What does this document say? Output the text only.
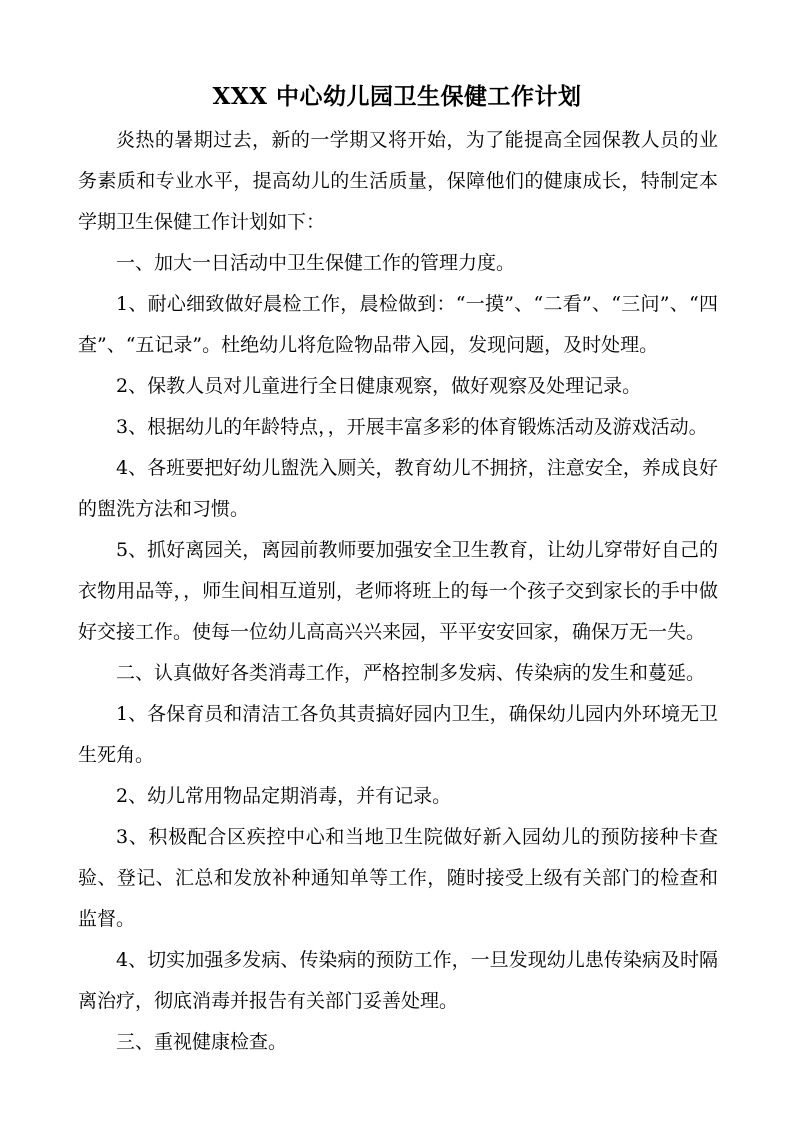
XXX 中心幼儿园卫生保健工作计划

炎热的暑期过去，新的一学期又将开始，为了能提高全园保教人员的业务素质和专业水平，提高幼儿的生活质量，保障他们的健康成长，特制定本学期卫生保健工作计划如下：

一、加大一日活动中卫生保健工作的管理力度。

1、耐心细致做好晨检工作，晨检做到：“一摸”、“二看”、“三问”、“四查”、“五记录”。杜绝幼儿将危险物品带入园，发现问题，及时处理。

2、保教人员对儿童进行全日健康观察，做好观察及处理记录。

3、根据幼儿的年龄特点，，开展丰富多彩的体育锻炼活动及游戏活动。

4、各班要把好幼儿盥洗入厕关，教育幼儿不拥挤，注意安全，养成良好的盥洗方法和习惯。

5、抓好离园关，离园前教师要加强安全卫生教育，让幼儿穿带好自己的衣物用品等，，师生间相互道别，老师将班上的每一个孩子交到家长的手中做好交接工作。使每一位幼儿高高兴兴来园，平平安安回家，确保万无一失。

二、认真做好各类消毒工作，严格控制多发病、传染病的发生和蔓延。

1、各保育员和清洁工各负其责搞好园内卫生，确保幼儿园内外环境无卫生死角。

2、幼儿常用物品定期消毒，并有记录。

3、积极配合区疾控中心和当地卫生院做好新入园幼儿的预防接种卡查验、登记、汇总和发放补种通知单等工作，随时接受上级有关部门的检查和监督。

4、切实加强多发病、传染病的预防工作，一旦发现幼儿患传染病及时隔离治疗，彻底消毒并报告有关部门妥善处理。

三、重视健康检查。
